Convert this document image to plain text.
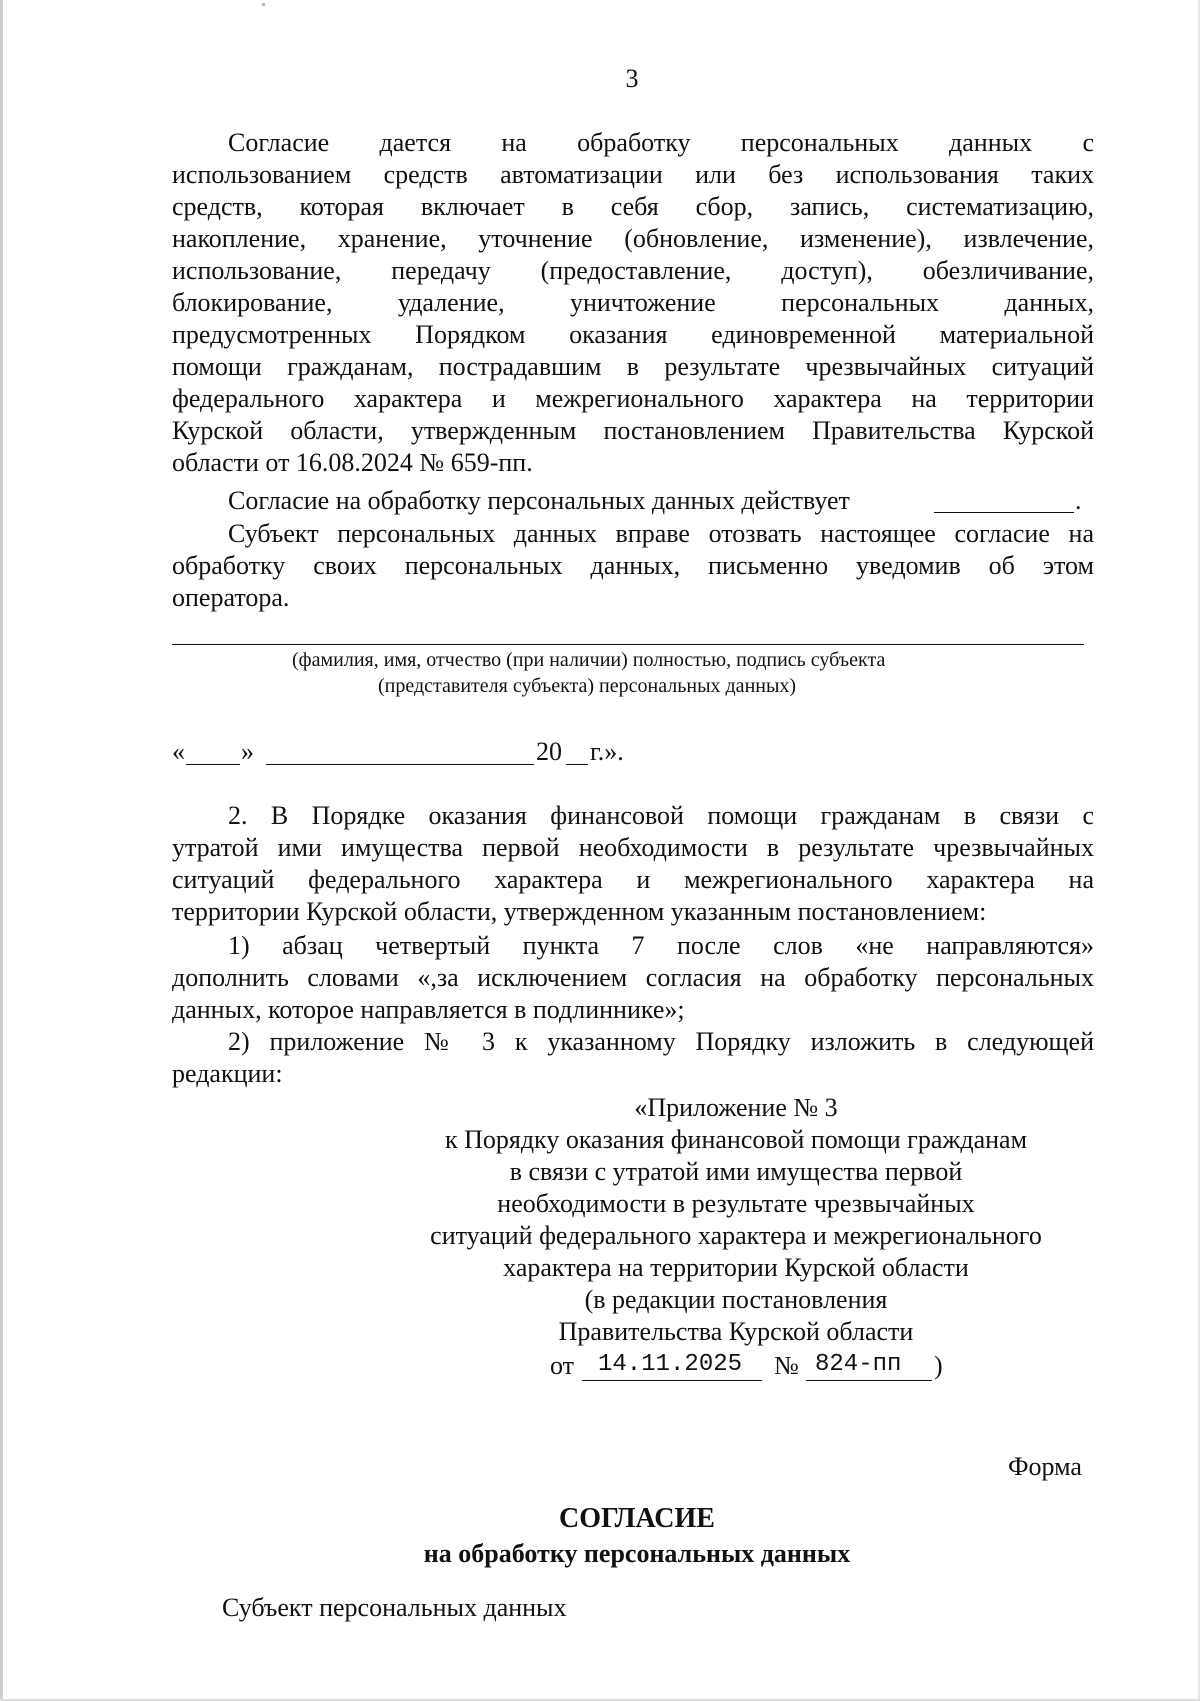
3
Согласие дается на обработку персональных данных с
использованием средств автоматизации или без использования таких
средств, которая включает в себя сбор, запись, систематизацию,
накопление, хранение, уточнение (обновление, изменение), извлечение,
использование, передачу (предоставление, доступ), обезличивание,
блокирование, удаление, уничтожение персональных данных,
предусмотренных Порядком оказания единовременной материальной
помощи гражданам, пострадавшим в результате чрезвычайных ситуаций
федерального характера и межрегионального характера на территории
Курской области, утвержденным постановлением Правительства Курской
области от 16.08.2024 № 659-пп.
Согласие на обработку персональных данных действует	.
Субъект персональных данных вправе отозвать настоящее согласие на
обработку своих персональных данных, письменно уведомив об этом
оператора.
(фамилия, имя, отчество (при наличии) полностью, подпись субъекта
(представителя субъекта) персональных данных)
« »	20 г.».
2. В Порядке оказания финансовой помощи гражданам в связи с
утратой ими имущества первой необходимости в результате чрезвычайных
ситуаций федерального характера и межрегионального характера на
территории Курской области, утвержденном указанным постановлением:
1) абзац четвертый пункта 7 после слов «не направляются»
дополнить словами «,за исключением согласия на обработку персональных
данных, которое направляется в подлиннике»;
2) приложение № 3 к указанному Порядку изложить в следующей
редакции:
«Приложение № 3
к Порядку оказания финансовой помощи гражданам
в связи с утратой ими имущества первой
необходимости в результате чрезвычайных
ситуаций федерального характера и межрегионального
характера на территории Курской области
(в редакции постановления
Правительства Курской области
от 14.11.2025	№ 824-пп )
Форма
СОГЛАСИЕ
на обработку персональных данных
Субъект персональных данных
